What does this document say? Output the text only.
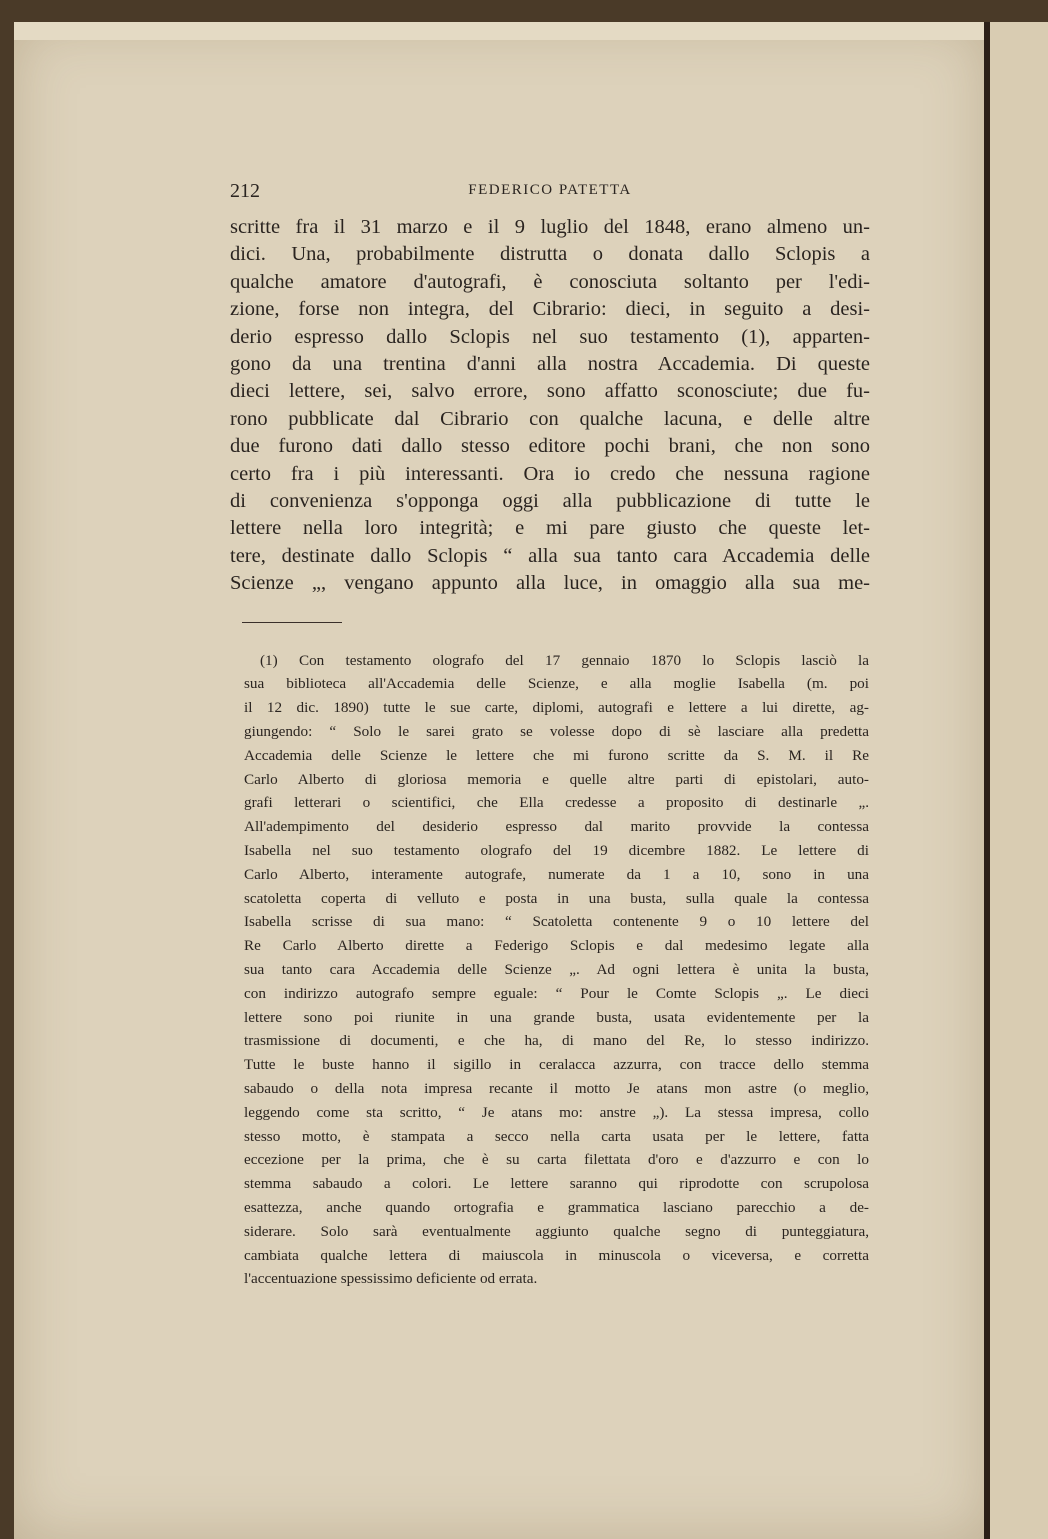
212	FEDERICO PATETTA
scritte fra il 31 marzo e il 9 luglio del 1848, erano almeno un-
dici. Una, probabilmente distrutta o donata dallo Sclopis a
qualche amatore d'autografi, è conosciuta soltanto per l'edi-
zione, forse non integra, del Cibrario: dieci, in seguito a desi-
derio espresso dallo Sclopis nel suo testamento (1), apparten-
gono da una trentina d'anni alla nostra Accademia. Di queste
dieci lettere, sei, salvo errore, sono affatto sconosciute; due fu-
rono pubblicate dal Cibrario con qualche lacuna, e delle altre
due furono dati dallo stesso editore pochi brani, che non sono
certo fra i più interessanti. Ora io credo che nessuna ragione
di convenienza s'opponga oggi alla pubblicazione di tutte le
lettere nella loro integrità; e mi pare giusto che queste let-
tere, destinate dallo Sclopis “ alla sua tanto cara Accademia delle
Scienze „, vengano appunto alla luce, in omaggio alla sua me-
(1) Con testamento olografo del 17 gennaio 1870 lo Sclopis lasciò la
sua biblioteca all'Accademia delle Scienze, e alla moglie Isabella (m. poi
il 12 dic. 1890) tutte le sue carte, diplomi, autografi e lettere a lui dirette, ag-
giungendo: “ Solo le sarei grato se volesse dopo di sè lasciare alla predetta
Accademia delle Scienze le lettere che mi furono scritte da S. M. il Re
Carlo Alberto di gloriosa memoria e quelle altre parti di epistolari, auto-
grafi letterari o scientifici, che Ella credesse a proposito di destinarle „.
All'adempimento del desiderio espresso dal marito provvide la contessa
Isabella nel suo testamento olografo del 19 dicembre 1882. Le lettere di
Carlo Alberto, interamente autografe, numerate da 1 a 10, sono in una
scatoletta coperta di velluto e posta in una busta, sulla quale la contessa
Isabella scrisse di sua mano: “ Scatoletta contenente 9 o 10 lettere del
Re Carlo Alberto dirette a Federigo Sclopis e dal medesimo legate alla
sua tanto cara Accademia delle Scienze „. Ad ogni lettera è unita la busta,
con indirizzo autografo sempre eguale: “ Pour le Comte Sclopis „. Le dieci
lettere sono poi riunite in una grande busta, usata evidentemente per la
trasmissione di documenti, e che ha, di mano del Re, lo stesso indirizzo.
Tutte le buste hanno il sigillo in ceralacca azzurra, con tracce dello stemma
sabaudo o della nota impresa recante il motto Je atans mon astre (o meglio,
leggendo come sta scritto, “ Je atans mo: anstre „). La stessa impresa, collo
stesso motto, è stampata a secco nella carta usata per le lettere, fatta
eccezione per la prima, che è su carta filettata d'oro e d'azzurro e con lo
stemma sabaudo a colori. Le lettere saranno qui riprodotte con scrupolosa
esattezza, anche quando ortografia e grammatica lasciano parecchio a de-
siderare. Solo sarà eventualmente aggiunto qualche segno di punteggiatura,
cambiata qualche lettera di maiuscola in minuscola o viceversa, e corretta
l'accentuazione spessissimo deficiente od errata.
